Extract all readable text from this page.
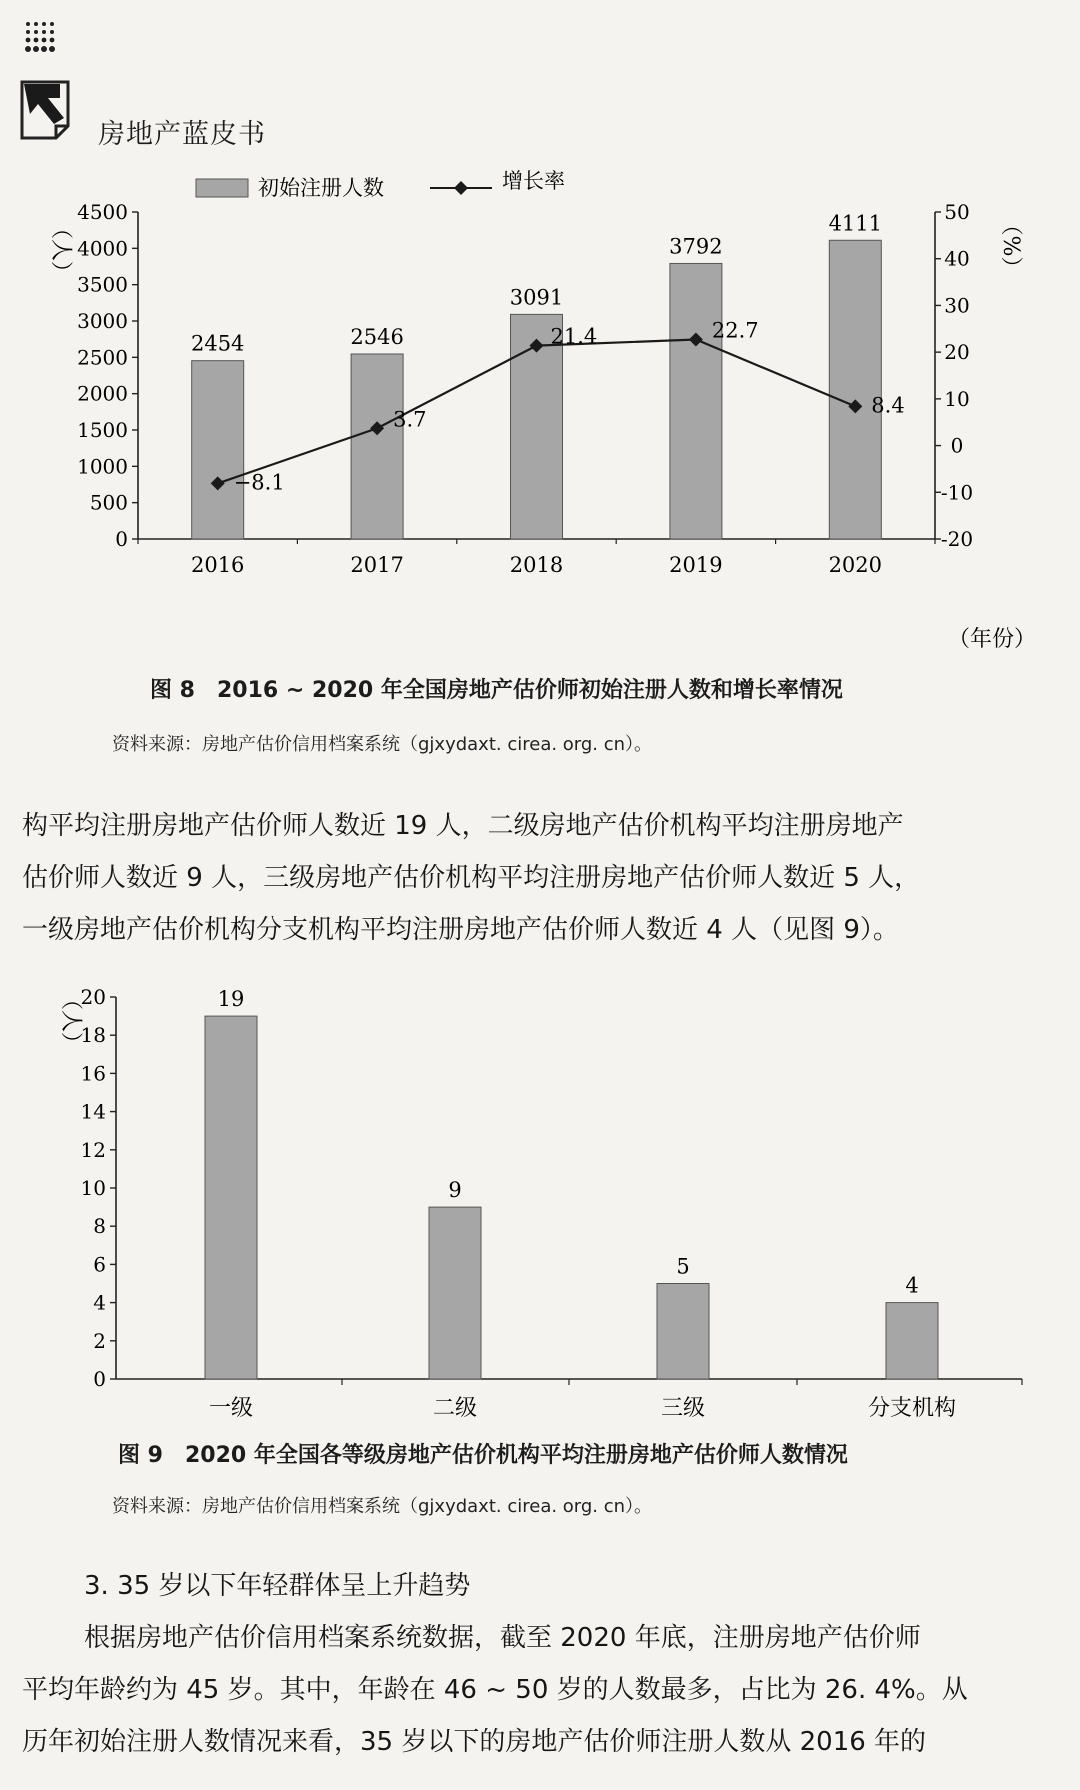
房地产蓝皮书
初始注册人数	增长率
0
500
1000
1500
2000
2500
3000
3500
4000
4500
-20
-10
0
10
20
30
40
50
（人）	（%）
（年份）
2454
2016
2546
2017
3091
2018
3792
2019
4111
2020
−8.1
3.7
21.4	22.7
8.4
图 8　2016 ~ 2020 年全国房地产估价师初始注册人数和增长率情况
资料来源：房地产估价信用档案系统（gjxydaxt. cirea. org. cn）。
构平均注册房地产估价师人数近 19 人，二级房地产估价机构平均注册房地产
估价师人数近 9 人，三级房地产估价机构平均注册房地产估价师人数近 5 人，
一级房地产估价机构分支机构平均注册房地产估价师人数近 4 人（见图 9）。
0
2
4
6
8
10
12
14
16
18
20
（人）	19
一级
9
二级
5
三级
4
分支机构
图 9　2020 年全国各等级房地产估价机构平均注册房地产估价师人数情况
资料来源：房地产估价信用档案系统（gjxydaxt. cirea. org. cn）。
3. 35 岁以下年轻群体呈上升趋势
根据房地产估价信用档案系统数据，截至 2020 年底，注册房地产估价师
平均年龄约为 45 岁。其中，年龄在 46 ~ 50 岁的人数最多，占比为 26. 4%。从
历年初始注册人数情况来看，35 岁以下的房地产估价师注册人数从 2016 年的
